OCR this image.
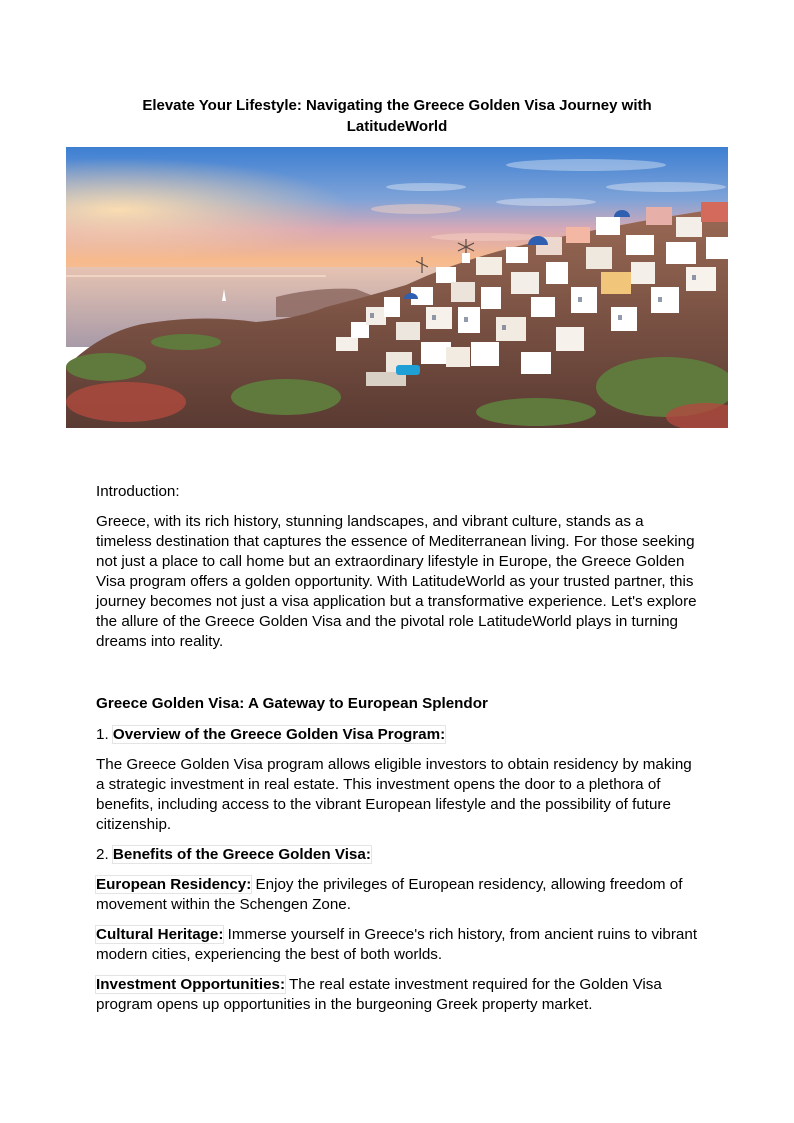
Elevate Your Lifestyle: Navigating the Greece Golden Visa Journey with
LatitudeWorld

Introduction:

Greece, with its rich history, stunning landscapes, and vibrant culture, stands as a timeless destination that captures the essence of Mediterranean living. For those seeking not just a place to call home but an extraordinary lifestyle in Europe, the Greece Golden Visa program offers a golden opportunity. With LatitudeWorld as your trusted partner, this journey becomes not just a visa application but a transformative experience. Let's explore the allure of the Greece Golden Visa and the pivotal role LatitudeWorld plays in turning dreams into reality.

Greece Golden Visa: A Gateway to European Splendor
1. Overview of the Greece Golden Visa Program:

The Greece Golden Visa program allows eligible investors to obtain residency by making a strategic investment in real estate. This investment opens the door to a plethora of benefits, including access to the vibrant European lifestyle and the possibility of future citizenship.

2. Benefits of the Greece Golden Visa:

European Residency: Enjoy the privileges of European residency, allowing freedom of movement within the Schengen Zone.

Cultural Heritage: Immerse yourself in Greece's rich history, from ancient ruins to vibrant modern cities, experiencing the best of both worlds.

Investment Opportunities: The real estate investment required for the Golden Visa program opens up opportunities in the burgeoning Greek property market.
